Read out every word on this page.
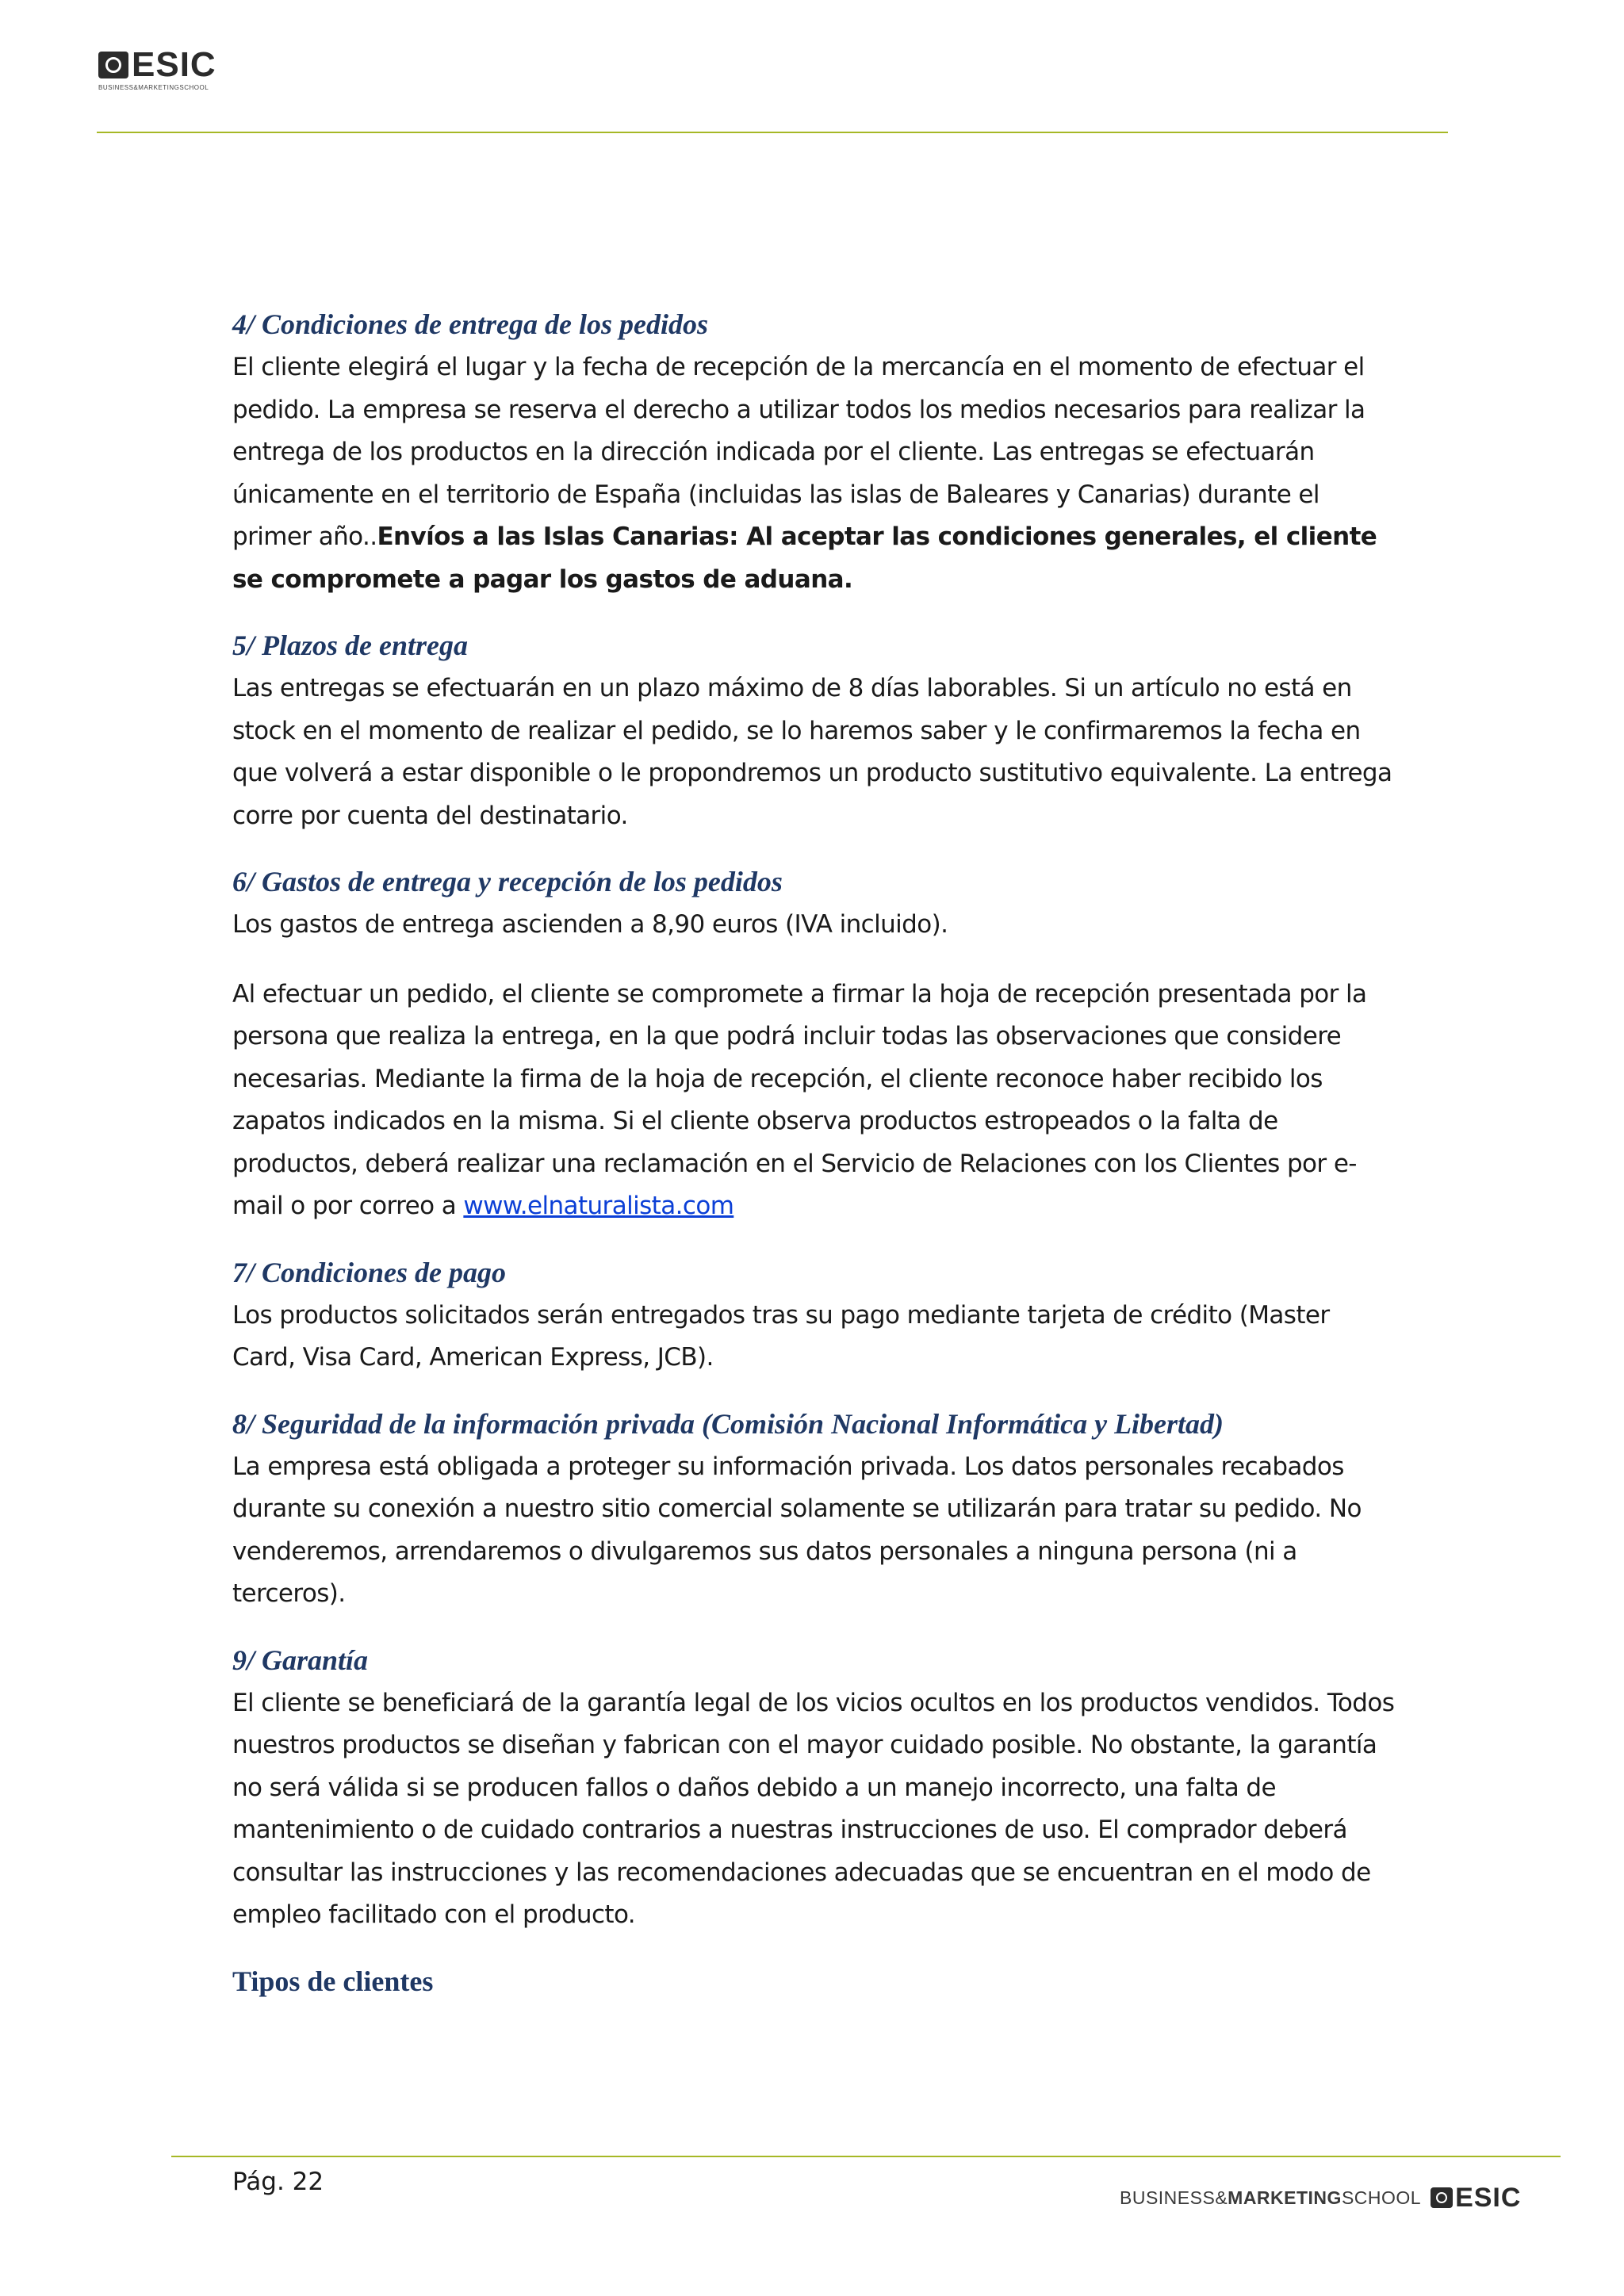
ESIC
BUSINESS&MARKETINGSCHOOL
4/ Condiciones de entrega de los pedidos

El cliente elegirá el lugar y la fecha de recepción de la mercancía en el momento de efectuar el pedido. La empresa se reserva el derecho a utilizar todos los medios necesarios para realizar la entrega de los productos en la dirección indicada por el cliente. Las entregas se efectuarán únicamente en el territorio de España (incluidas las islas de Baleares y Canarias) durante el primer año..Envíos a las Islas Canarias: Al aceptar las condiciones generales, el cliente se compromete a pagar los gastos de aduana.

5/ Plazos de entrega

Las entregas se efectuarán en un plazo máximo de 8 días laborables. Si un artículo no está en stock en el momento de realizar el pedido, se lo haremos saber y le confirmaremos la fecha en que volverá a estar disponible o le propondremos un producto sustitutivo equivalente. La entrega corre por cuenta del destinatario.

6/ Gastos de entrega y recepción de los pedidos

Los gastos de entrega ascienden a 8,90 euros (IVA incluido).

Al efectuar un pedido, el cliente se compromete a firmar la hoja de recepción presentada por la persona que realiza la entrega, en la que podrá incluir todas las observaciones que considere necesarias. Mediante la firma de la hoja de recepción, el cliente reconoce haber recibido los zapatos indicados en la misma. Si el cliente observa productos estropeados o la falta de productos, deberá realizar una reclamación en el Servicio de Relaciones con los Clientes por e-mail o por correo a www.elnaturalista.com

7/ Condiciones de pago

Los productos solicitados serán entregados tras su pago mediante tarjeta de crédito (Master Card, Visa Card, American Express, JCB).

8/ Seguridad de la información privada (Comisión Nacional Informática y Libertad)

La empresa está obligada a proteger su información privada. Los datos personales recabados durante su conexión a nuestro sitio comercial solamente se utilizarán para tratar su pedido. No venderemos, arrendaremos o divulgaremos sus datos personales a ninguna persona (ni a terceros).

9/ Garantía

El cliente se beneficiará de la garantía legal de los vicios ocultos en los productos vendidos. Todos nuestros productos se diseñan y fabrican con el mayor cuidado posible. No obstante, la garantía no será válida si se producen fallos o daños debido a un manejo incorrecto, una falta de mantenimiento o de cuidado contrarios a nuestras instrucciones de uso. El comprador deberá consultar las instrucciones y las recomendaciones adecuadas que se encuentran en el modo de empleo facilitado con el producto.

Tipos de clientes
Pág. 22
BUSINESS&MARKETINGSCHOOL ESIC
